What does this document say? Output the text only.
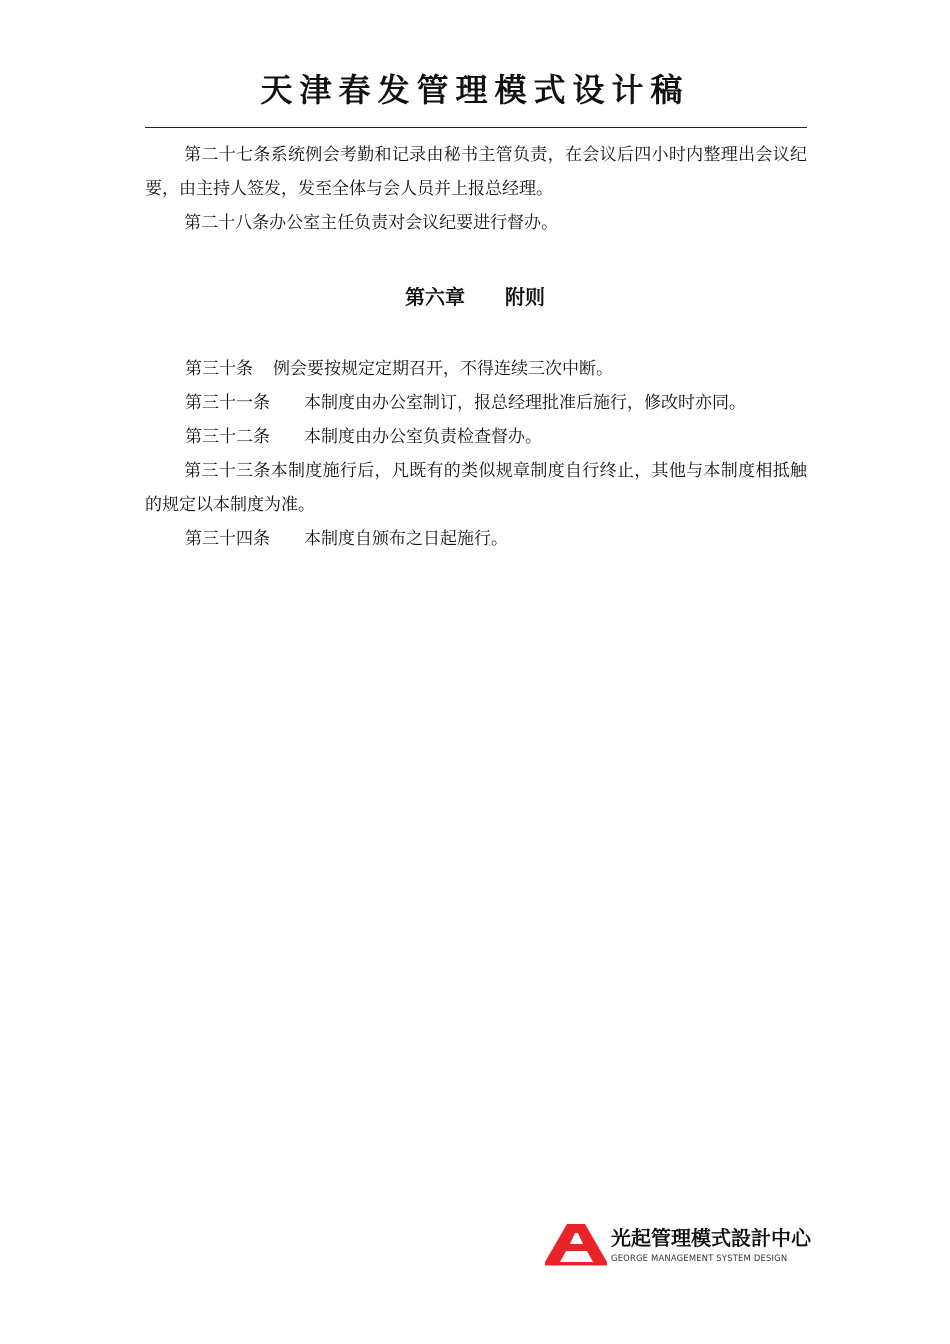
天津春发管理模式设计稿

第二十七条系统例会考勤和记录由秘书主管负责，在会议后四小时内整理出会议纪要，由主持人签发，发至全体与会人员并上报总经理。

第二十八条办公室主任负责对会议纪要进行督办。

第六章 附则

第三十条 例会要按规定定期召开，不得连续三次中断。

第三十一条 本制度由办公室制订，报总经理批准后施行，修改时亦同。

第三十二条 本制度由办公室负责检查督办。

第三十三条本制度施行后，凡既有的类似规章制度自行终止，其他与本制度相抵触的规定以本制度为准。

第三十四条 本制度自颁布之日起施行。

光起管理模式設計中心
GEORGE MANAGEMENT SYSTEM DESIGN
